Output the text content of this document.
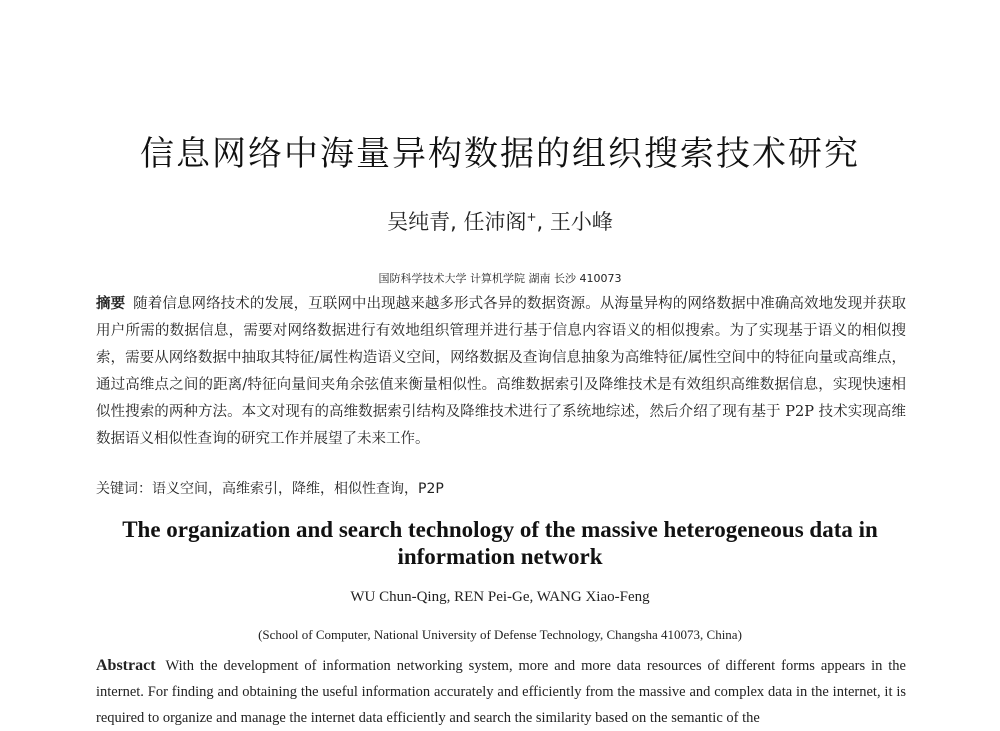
信息网络中海量异构数据的组织搜索技术研究
吴纯青, 任沛阁+, 王小峰
国防科学技术大学 计算机学院 湖南 长沙 410073

摘要 随着信息网络技术的发展，互联网中出现越来越多形式各异的数据资源。从海量异构的网络数据中准确高效地发现并获取用户所需的数据信息，需要对网络数据进行有效地组织管理并进行基于信息内容语义的相似搜索。为了实现基于语义的相似搜索，需要从网络数据中抽取其特征/属性构造语义空间，网络数据及查询信息抽象为高维特征/属性空间中的特征向量或高维点，通过高维点之间的距离/特征向量间夹角余弦值来衡量相似性。高维数据索引及降维技术是有效组织高维数据信息，实现快速相似性搜索的两种方法。本文对现有的高维数据索引结构及降维技术进行了系统地综述，然后介绍了现有基于 P2P 技术实现高维数据语义相似性查询的研究工作并展望了未来工作。

关键词：语义空间，高维索引，降维，相似性查询，P2P

The organization and search technology of the massive heterogeneous data in information network
WU Chun-Qing, REN Pei-Ge, WANG Xiao-Feng
(School of Computer, National University of Defense Technology, Changsha 410073, China)

Abstract With the development of information networking system, more and more data resources of different forms appears in the internet. For finding and obtaining the useful information accurately and efficiently from the massive and complex data in the internet, it is required to organize and manage the internet data efficiently and search the similarity based on the semantic of the
